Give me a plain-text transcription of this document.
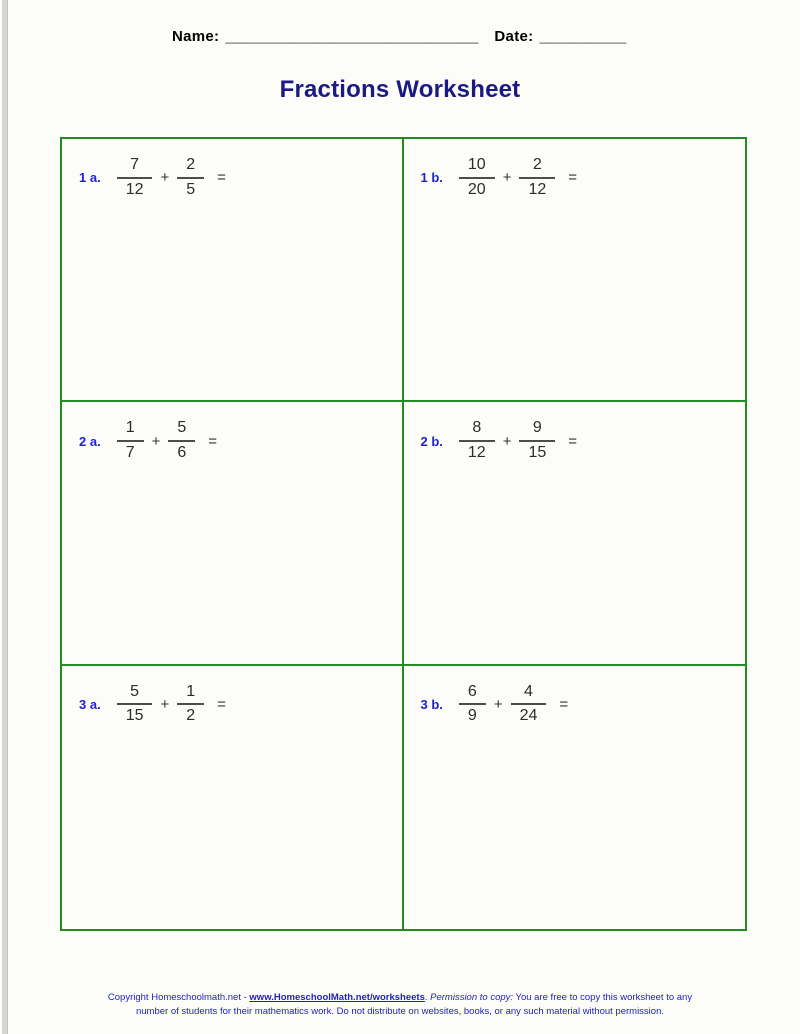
Name: ___________________________________ Date: ____________
Fractions Worksheet
1 a. $\frac{7}{12} + \frac{2}{5}$ =	1 b. $\frac{10}{20} + \frac{2}{12}$ =
2 a. $\frac{1}{7} + \frac{5}{6}$ =	2 b. $\frac{8}{12} + \frac{9}{15}$ =
3 a. $\frac{5}{15} + \frac{1}{2}$ =	3 b. $\frac{6}{9} + \frac{4}{24}$ =
Copyright Homeschoolmath.net - www.HomeschoolMath.net/worksheets. Permission to copy: You are free to copy this worksheet to any
number of students for their mathematics work. Do not distribute on websites, books, or any such material without permission.
